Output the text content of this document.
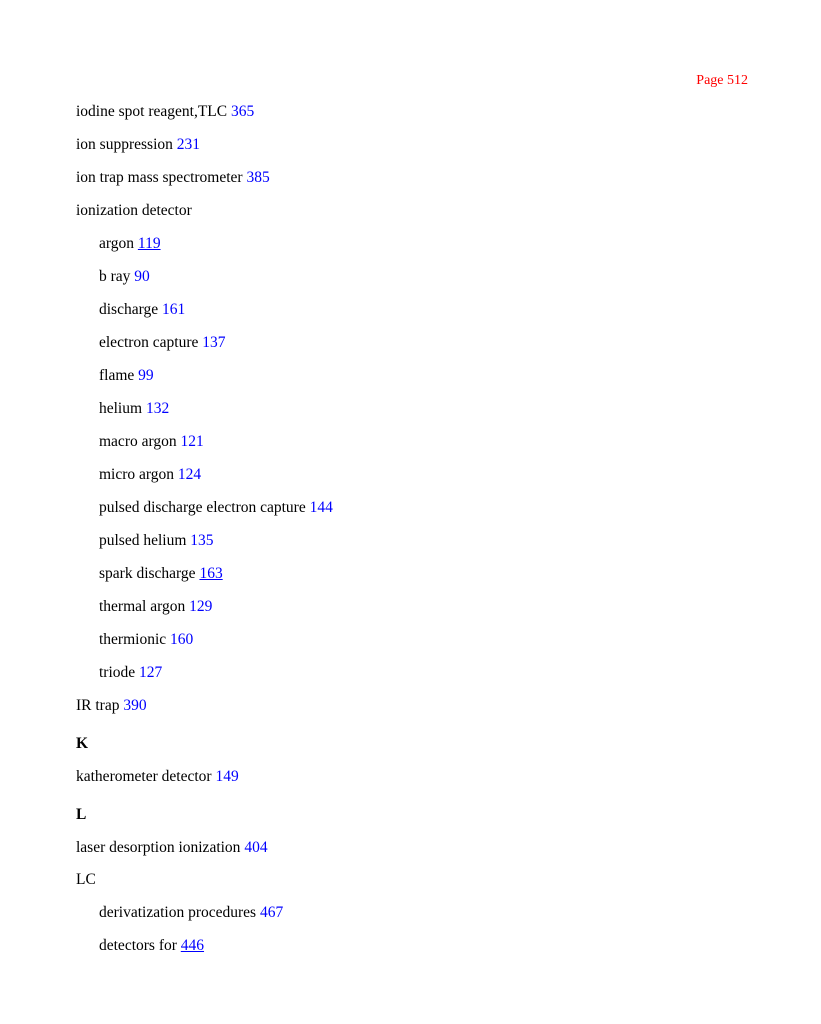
Page 512
iodine spot reagent,TLC 365
ion suppression 231
ion trap mass spectrometer 385
ionization detector
argon 119
b ray 90
discharge 161
electron capture 137
flame 99
helium 132
macro argon 121
micro argon 124
pulsed discharge electron capture 144
pulsed helium 135
spark discharge 163
thermal argon 129
thermionic 160
triode 127
IR trap 390
K
katherometer detector 149
L
laser desorption ionization 404
LC
derivatization procedures 467
detectors for 446
